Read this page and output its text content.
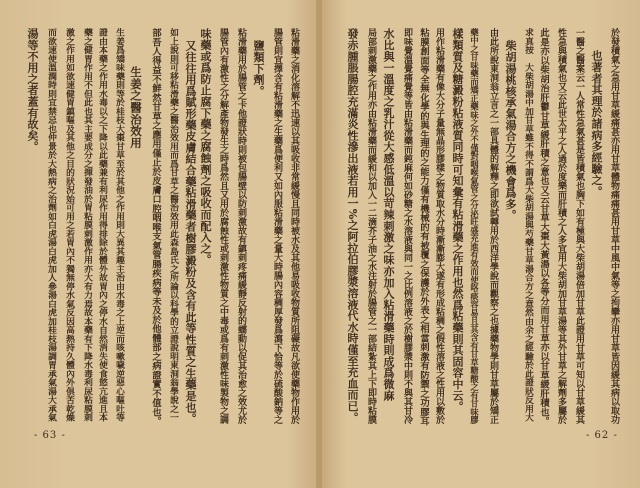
粘滑藥之消化溶解不迅速以其吸收非常緩慢且同時被水及其他易吸收物質所阻礙故凡欲使藥物作用於
腸管則宜擇含有粘滑藥之生藥爲便利又如內服粘滑藥之量大時腸內容稠厚發爲瀉下恰等於硫酸鈉等之
鹽類下劑。
粘滑藥用於腸管之卡他證狀時則被包腸壁以防刺激故有鎮刺疼痛緩靜反射的蠕動以促其治愈之效尤於
腸管內有激性之分解產物發生之時爲然且又用於腐蝕性或刺激性物質之中毒或爲有刺激性味製物之調
味藥或爲防止腐下藥之腐蝕劑之吸收而配入之。
又往往用爲賦形藥皮膚結合藥粘滑藥者樹膠澱粉及含有此等性質之生藥是也。
如上說則可移粘滑藥之醫治效用而爲甘草之醫治效用此森島氏之所論以科學的立證說明東洞翁學說之一
部吾人得益不鮮然甘草之應用僅止於皮膚口腔咽喉支氣管腸疾病等未及於他體部之病證實不值也。
生姜之醫治效用
生姜爲矯味藥則等於桂枝大棗甘草至於其他之作用則大異其趣主治由水毒之上逆而咳嗽噦逆惡心嘔吐等
證由本藥之作用水毒以之下降以此藥兼有利尿作用得排除於體外故胃內之停水自然消失使食慾亢進且本
藥之健胃作用不但此也其主要成分之揮發油於胃粘膜刺激作用亦大有力焉故本藥有下降水毒利尿粘膜刺
激之作用如欲速健胃鎮嘔及其他之目的狀況始可用之若胃內不獨無停水氣反因高熱持久體內外俱苦乾燥
而欲速使溫潤時則宜禁忌也仲景於大熱病之治劑如白虎湯白虎加人參湯白虎加桂枝湯調胃承氣湯大承氣
湯等不用之者蓋有故矣。
- 63 -
於發積氣之急用甘草緩痛甚亦用甘草體物痛痛甚用甘草中風中氣等之拘攣亦用甘草皆因緩其病以取功
也著者其理於諸病多經驗之。
一醫之醫案云一人常性急氣甚是皆積氣也胸下如有極與大柴胡湯倍加甘草此證用甘草可知以甘草緩其
性急與積氣也又云此世太平之人過於度樂而肝積之人多宜用大柴胡加甘草湯等其外甘草之解劑多屬於
此是亦以柴胡治肝鬱甘草緩肝積之意也又云甘草大棗大黃湯以各等分而用甘草亦以甘草緩肝積也。
求真按　大柴胡湯中加甘草雖不得不謂爲大柴胡湯與芍藥甘草湯合方之意然由余之經驗於此證狀反用大
柴胡湯桃核承氣湯合方之機會爲多。
由此所說東洞翁立言之一部具體的解釋之即欲試轉用於西洋學說而觀察之也據藥物學則甘草屬於矯正
藥中之甘味藥而矯正藥味之外不僅對咽喉氣管之分泌旺盛充進有效而使咯痰容易且其含有甘草糖酸之有甘味膠
樣類質及糖澱粉粘液質同時可知彙有粘滑藥之作用也然爲粘藥則其固容中云。
用作粘滑藥有像大分子量無晶形膠樣之物質取水分時漸漸膨大遂有形成粘稠之假性溶液之性用以敷於
粘膜創面等全無化學的與生理的之能力僅有機械的有被覆之保護於外表之相當刺激有防禦之功膠耳
即味覺溫覺痛覺等皆由粘滑藥而鈍麻何如砂糖之水溶液與同一之比例溶液之於樹膠漿中則不與其甘冷
水比與一溫度之乳汁從大感低溫以苛辣刺激之味亦加入粘滑藥時則成爲微麻
局部刺激藥之作用亦由粘滑藥而緩和以加入一二滴芥子油之水注射於腸管之一部結紮其上下即時粘膜
發赤腫脹腸腔充滿炎性滲出液若用一%之阿拉伯膠漿溶液代水時僅至充血而已。
- 62 -
